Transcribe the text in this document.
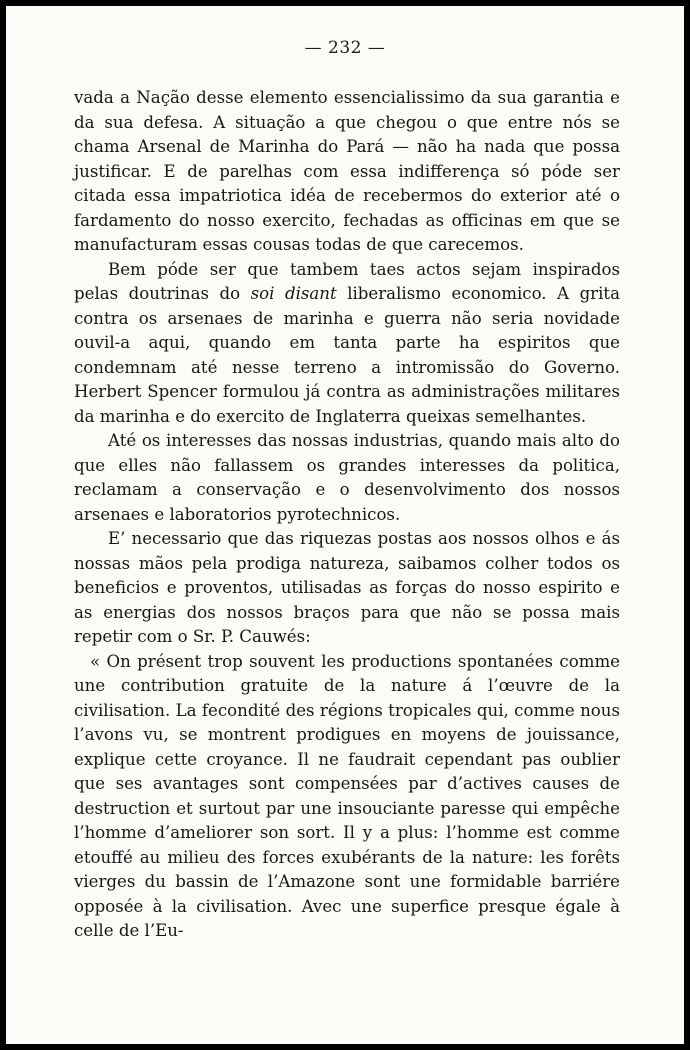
— 232 —

vada a Nação desse elemento essencialissimo da sua garantia e da sua defesa. A situação a que chegou o que entre nós se chama Arsenal de Marinha do Pará — não ha nada que possa justificar. E de parelhas com essa indifferença só póde ser citada essa impatriotica idéa de recebermos do exterior até o fardamento do nosso exercito, fechadas as officinas em que se manufacturam essas cousas todas de que carecemos.

Bem póde ser que tambem taes actos sejam inspirados pelas doutrinas do soi disant liberalismo economico. A grita contra os arsenaes de marinha e guerra não seria novidade ouvil-a aqui, quando em tanta parte ha espiritos que condemnam até nesse terreno a intromissão do Governo. Herbert Spencer formulou já contra as administrações militares da marinha e do exercito de Inglaterra queixas semelhantes.

Até os interesses das nossas industrias, quando mais alto do que elles não fallassem os grandes interesses da politica, reclamam a conservação e o desenvolvimento dos nossos arsenaes e laboratorios pyrotechnicos.

E’ necessario que das riquezas postas aos nossos olhos e ás nossas mãos pela prodiga natureza, saibamos colher todos os beneficios e proventos, utilisadas as forças do nosso espirito e as energias dos nossos braços para que não se possa mais repetir com o Sr. P. Cauwés:

« On présent trop souvent les productions spontanées comme une contribution gratuite de la nature á l’œuvre de la civilisation. La fecondité des régions tropicales qui, comme nous l’avons vu, se montrent prodigues en moyens de jouissance, explique cette croyance. Il ne faudrait cependant pas oublier que ses avantages sont compensées par d’actives causes de destruction et surtout par une insouciante paresse qui empêche l’homme d’ameliorer son sort. Il y a plus: l’homme est comme etouffé au milieu des forces exubérants de la nature: les forêts vierges du bassin de l’Amazone sont une formidable barriére opposée à la civilisation. Avec une superfice presque égale à celle de l’Eu-
